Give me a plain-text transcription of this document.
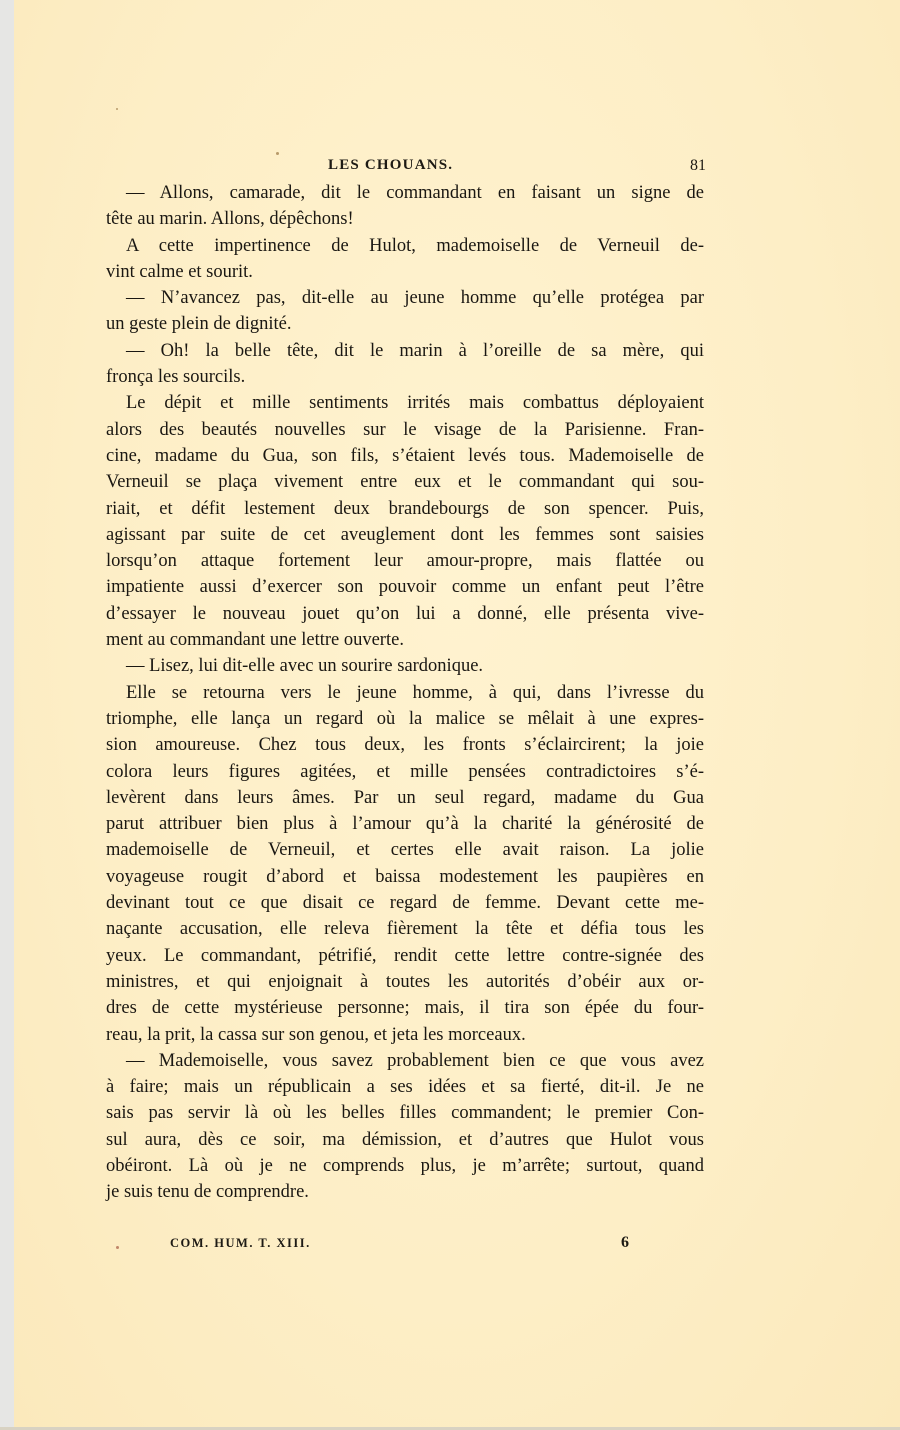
LES CHOUANS.	81
— Allons, camarade, dit le commandant en faisant un signe de
tête au marin. Allons, dépêchons!
A cette impertinence de Hulot, mademoiselle de Verneuil de-
vint calme et sourit.
— N’avancez pas, dit-elle au jeune homme qu’elle protégea par
un geste plein de dignité.
— Oh! la belle tête, dit le marin à l’oreille de sa mère, qui
fronça les sourcils.
Le dépit et mille sentiments irrités mais combattus déployaient
alors des beautés nouvelles sur le visage de la Parisienne. Fran-
cine, madame du Gua, son fils, s’étaient levés tous. Mademoiselle de
Verneuil se plaça vivement entre eux et le commandant qui sou-
riait, et défit lestement deux brandebourgs de son spencer. Puis,
agissant par suite de cet aveuglement dont les femmes sont saisies
lorsqu’on attaque fortement leur amour-propre, mais flattée ou
impatiente aussi d’exercer son pouvoir comme un enfant peut l’être
d’essayer le nouveau jouet qu’on lui a donné, elle présenta vive-
ment au commandant une lettre ouverte.
— Lisez, lui dit-elle avec un sourire sardonique.
Elle se retourna vers le jeune homme, à qui, dans l’ivresse du
triomphe, elle lança un regard où la malice se mêlait à une expres-
sion amoureuse. Chez tous deux, les fronts s’éclaircirent; la joie
colora leurs figures agitées, et mille pensées contradictoires s’é-
levèrent dans leurs âmes. Par un seul regard, madame du Gua
parut attribuer bien plus à l’amour qu’à la charité la générosité de
mademoiselle de Verneuil, et certes elle avait raison. La jolie
voyageuse rougit d’abord et baissa modestement les paupières en
devinant tout ce que disait ce regard de femme. Devant cette me-
naçante accusation, elle releva fièrement la tête et défia tous les
yeux. Le commandant, pétrifié, rendit cette lettre contre-signée des
ministres, et qui enjoignait à toutes les autorités d’obéir aux or-
dres de cette mystérieuse personne; mais, il tira son épée du four-
reau, la prit, la cassa sur son genou, et jeta les morceaux.
— Mademoiselle, vous savez probablement bien ce que vous avez
à faire; mais un républicain a ses idées et sa fierté, dit-il. Je ne
sais pas servir là où les belles filles commandent; le premier Con-
sul aura, dès ce soir, ma démission, et d’autres que Hulot vous
obéiront. Là où je ne comprends plus, je m’arrête; surtout, quand
je suis tenu de comprendre.
COM. HUM. T. XIII.	6
